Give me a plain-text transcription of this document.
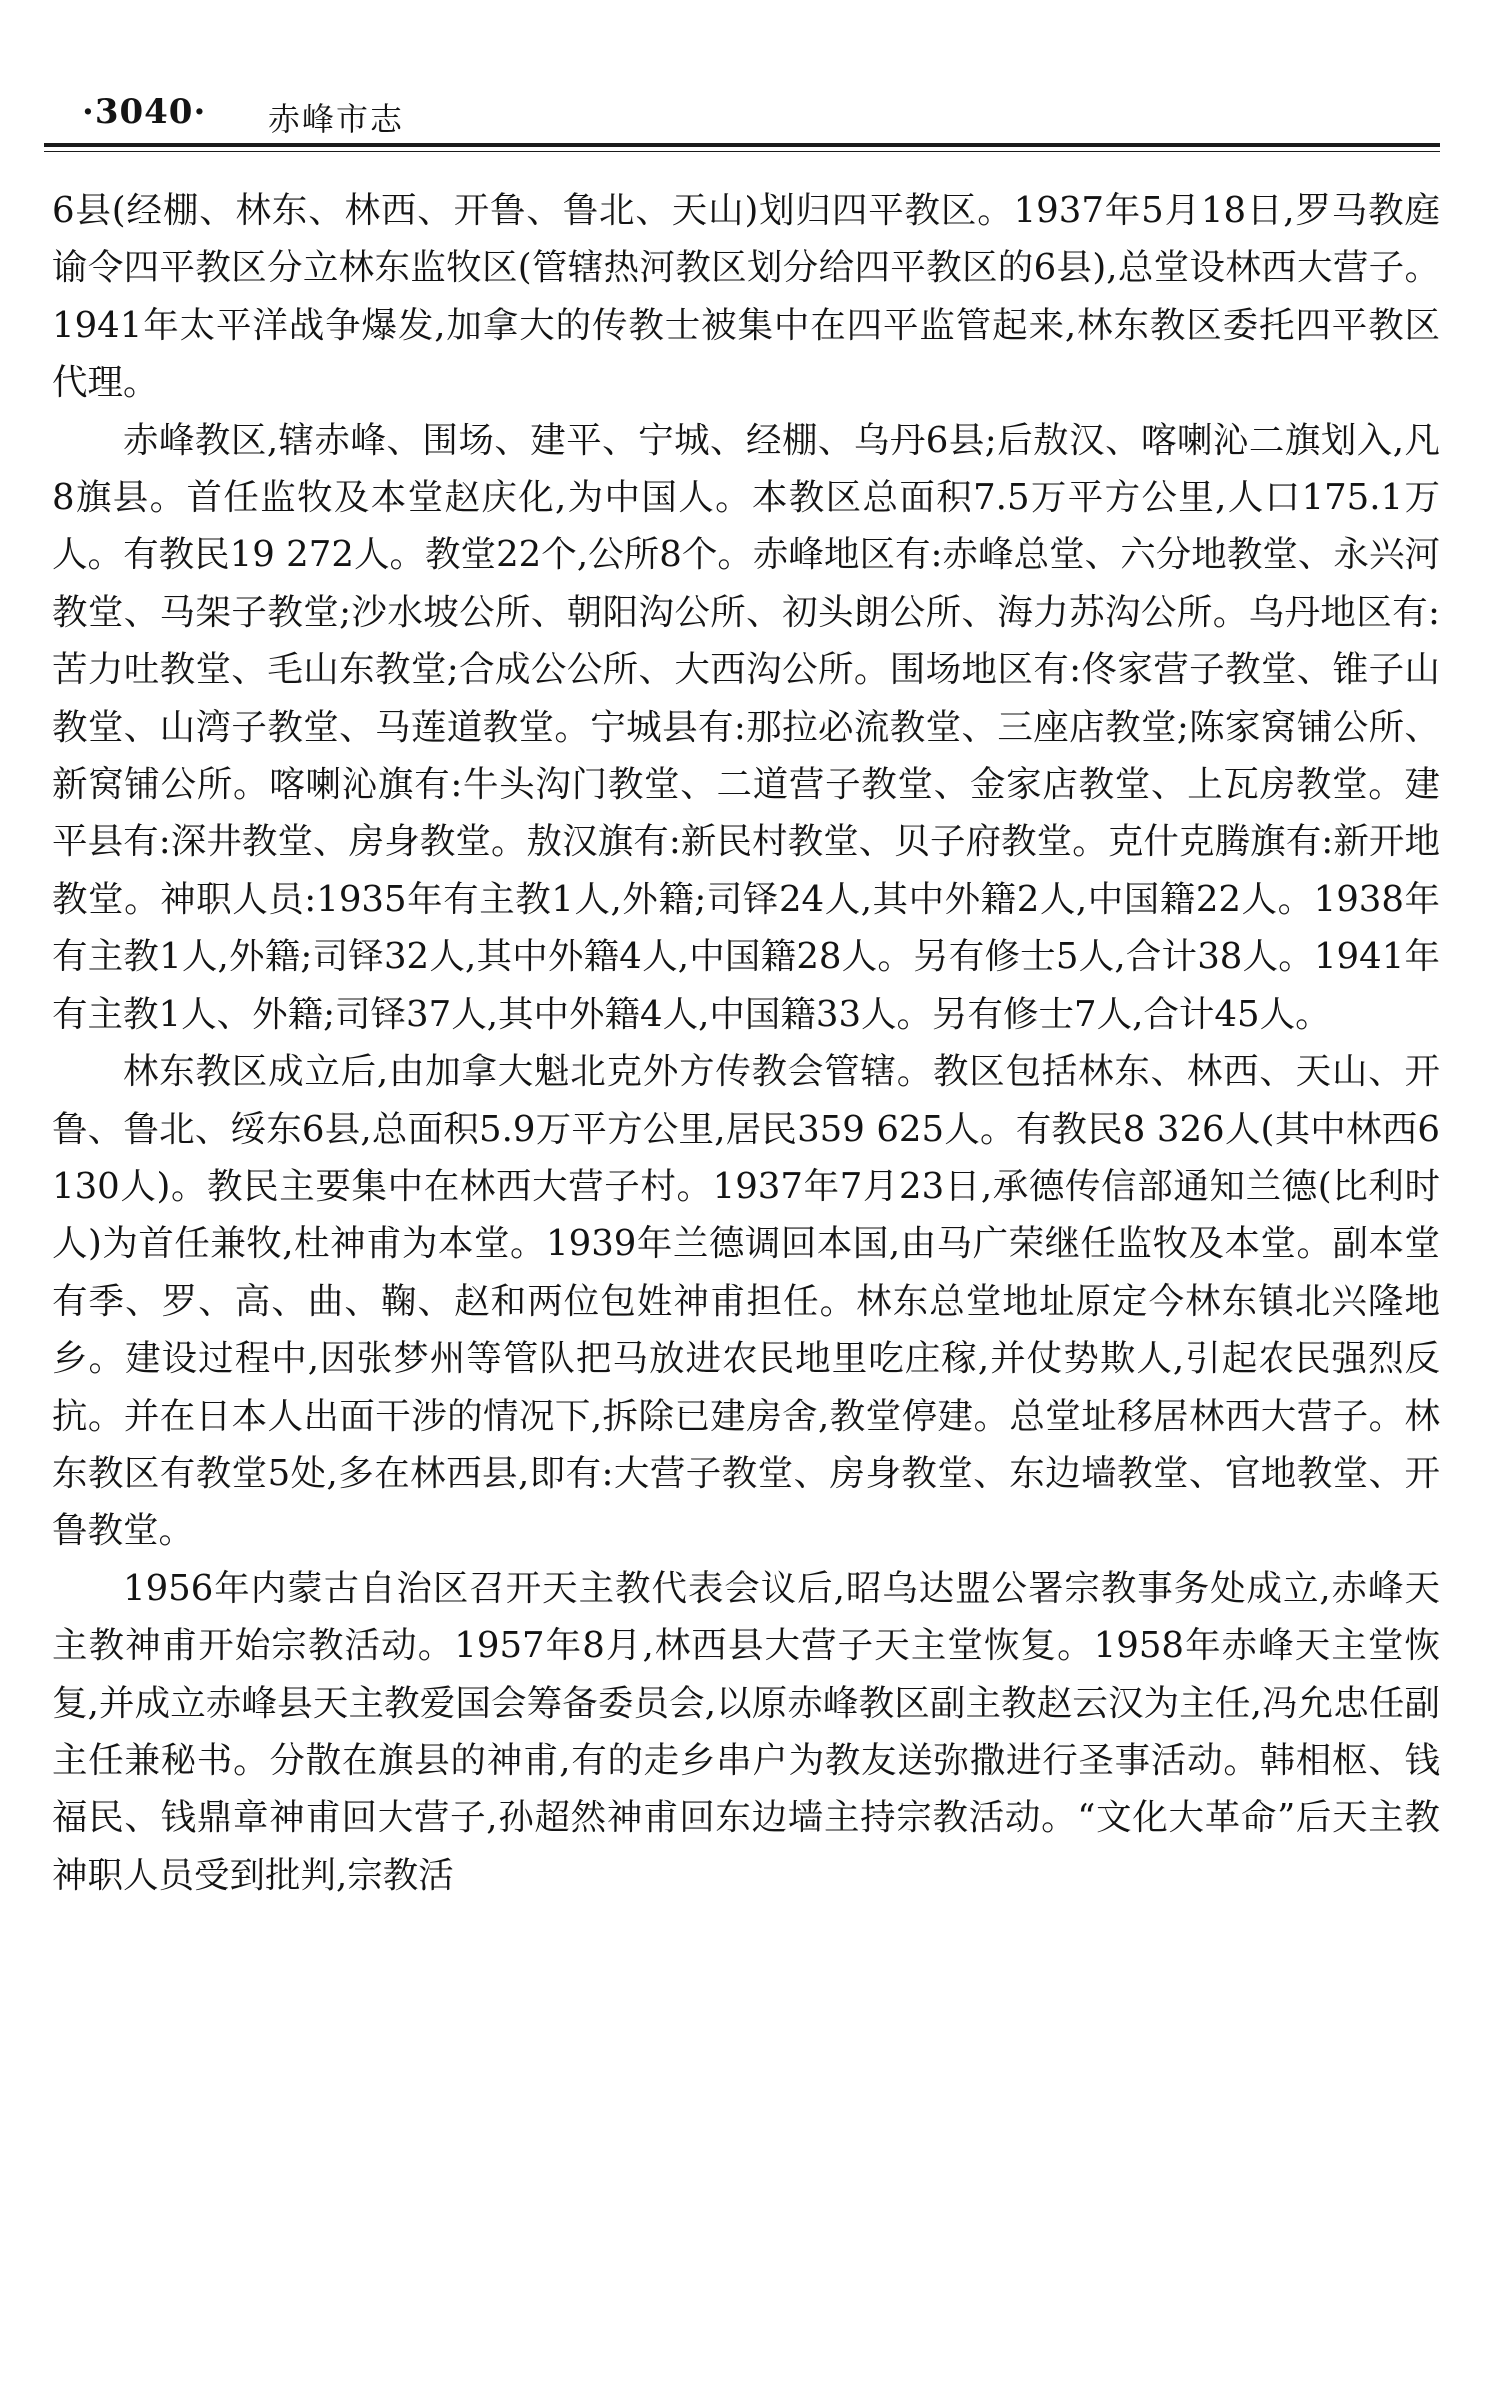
·3040· 赤峰市志

6县(经棚、林东、林西、开鲁、鲁北、天山)划归四平教区。1937年5月18日,罗马教庭谕令四平教区分立林东监牧区(管辖热河教区划分给四平教区的6县),总堂设林西大营子。1941年太平洋战争爆发,加拿大的传教士被集中在四平监管起来,林东教区委托四平教区代理。

赤峰教区,辖赤峰、围场、建平、宁城、经棚、乌丹6县;后敖汉、喀喇沁二旗划入,凡8旗县。首任监牧及本堂赵庆化,为中国人。本教区总面积7.5万平方公里,人口175.1万人。有教民19 272人。教堂22个,公所8个。赤峰地区有:赤峰总堂、六分地教堂、永兴河教堂、马架子教堂;沙水坡公所、朝阳沟公所、初头朗公所、海力苏沟公所。乌丹地区有:苦力吐教堂、毛山东教堂;合成公公所、大西沟公所。围场地区有:佟家营子教堂、锥子山教堂、山湾子教堂、马莲道教堂。宁城县有:那拉必流教堂、三座店教堂;陈家窝铺公所、新窝铺公所。喀喇沁旗有:牛头沟门教堂、二道营子教堂、金家店教堂、上瓦房教堂。建平县有:深井教堂、房身教堂。敖汉旗有:新民村教堂、贝子府教堂。克什克腾旗有:新开地教堂。神职人员:1935年有主教1人,外籍;司铎24人,其中外籍2人,中国籍22人。1938年有主教1人,外籍;司铎32人,其中外籍4人,中国籍28人。另有修士5人,合计38人。1941年有主教1人、外籍;司铎37人,其中外籍4人,中国籍33人。另有修士7人,合计45人。

林东教区成立后,由加拿大魁北克外方传教会管辖。教区包括林东、林西、天山、开鲁、鲁北、绥东6县,总面积5.9万平方公里,居民359 625人。有教民8 326人(其中林西6 130人)。教民主要集中在林西大营子村。1937年7月23日,承德传信部通知兰德(比利时人)为首任兼牧,杜神甫为本堂。1939年兰德调回本国,由马广荣继任监牧及本堂。副本堂有季、罗、高、曲、鞠、赵和两位包姓神甫担任。林东总堂地址原定今林东镇北兴隆地乡。建设过程中,因张梦州等管队把马放进农民地里吃庄稼,并仗势欺人,引起农民强烈反抗。并在日本人出面干涉的情况下,拆除已建房舍,教堂停建。总堂址移居林西大营子。林东教区有教堂5处,多在林西县,即有:大营子教堂、房身教堂、东边墙教堂、官地教堂、开鲁教堂。

1956年内蒙古自治区召开天主教代表会议后,昭乌达盟公署宗教事务处成立,赤峰天主教神甫开始宗教活动。1957年8月,林西县大营子天主堂恢复。1958年赤峰天主堂恢复,并成立赤峰县天主教爱国会筹备委员会,以原赤峰教区副主教赵云汉为主任,冯允忠任副主任兼秘书。分散在旗县的神甫,有的走乡串户为教友送弥撒进行圣事活动。韩相枢、钱福民、钱鼎章神甫回大营子,孙超然神甫回东边墙主持宗教活动。“文化大革命”后天主教神职人员受到批判,宗教活
